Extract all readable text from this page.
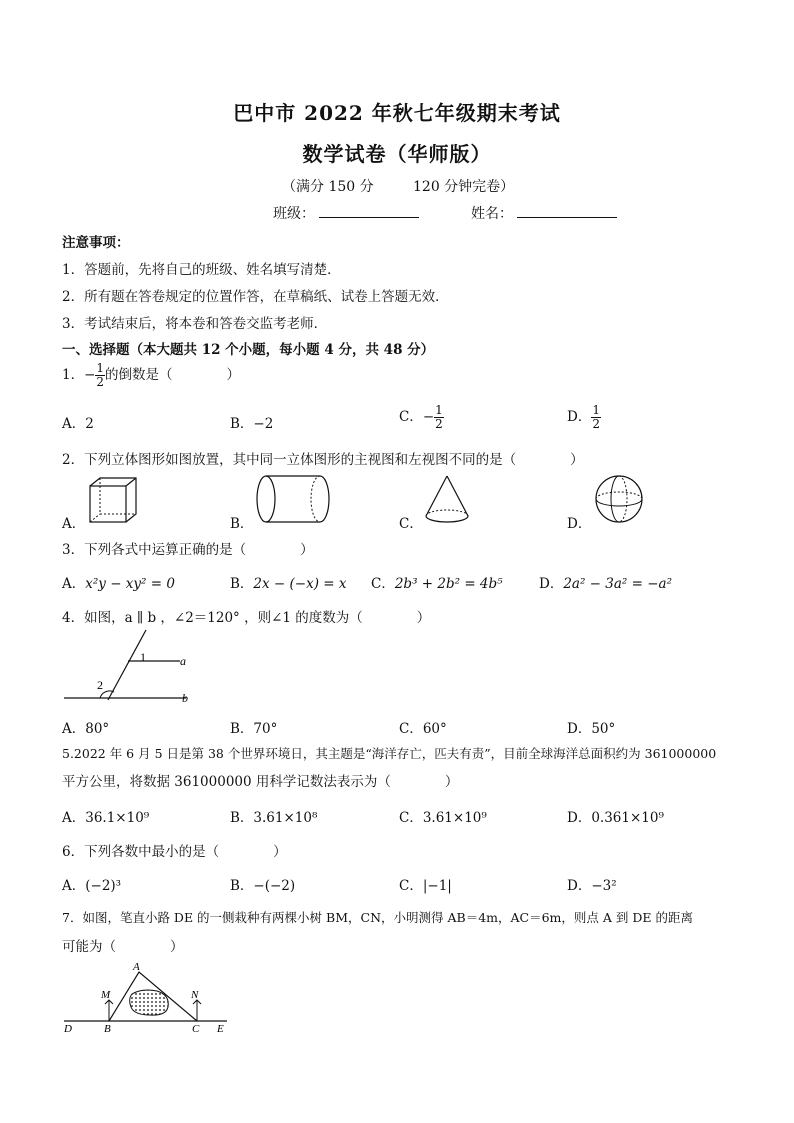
巴中市 2022 年秋七年级期末考试
数学试卷（华师版）
（满分 150 分	120 分钟完卷）
班级：	姓名：
注意事项：
1．答题前，先将自己的班级、姓名填写清楚．
2．所有题在答卷规定的位置作答，在草稿纸、试卷上答题无效．
3．考试结束后，将本卷和答卷交监考老师．
一、选择题（本大题共 12 个小题，每小题 4 分，共 48 分）
1．− $\frac{1}{2}$ 的倒数是（　　　　）
A．2	B．−2	C．− $\frac{1}{2}$	D． $\frac{1}{2}$
2．下列立体图形如图放置，其中同一立体图形的主视图和左视图不同的是（　　　　）
A．	B．	C．	D．
3．下列各式中运算正确的是（　　　　）
A．x²y − xy² = 0	B．2x − (−x) = x C．2b³ + 2b² = 4b⁵	D．2a² − 3a² = −a²
4．如图，a ∥ b ，∠2＝120° ，则∠1 的度数为（　　　　）
1
2
a
b
A．80°	B．70°	C．60°	D．50°
5.2022 年 6 月 5 日是第 38 个世界环境日，其主题是“海洋存亡，匹夫有责”，目前全球海洋总面积约为 361000000
平方公里，将数据 361000000 用科学记数法表示为（　　　　）
A．36.1×10⁹	B．3.61×10⁸	C．3.61×10⁹	D．0.361×10⁹
6．下列各数中最小的是（　　　　）
A．(−2)³	B．−(−2)	C．|−1|	D．−3²
7．如图，笔直小路 DE 的一侧栽种有两棵小树 BM，CN，小明测得 AB＝4m，AC＝6m，则点 A 到 DE 的距离
可能为（　　　　）
A
M	N
D	B	C E
